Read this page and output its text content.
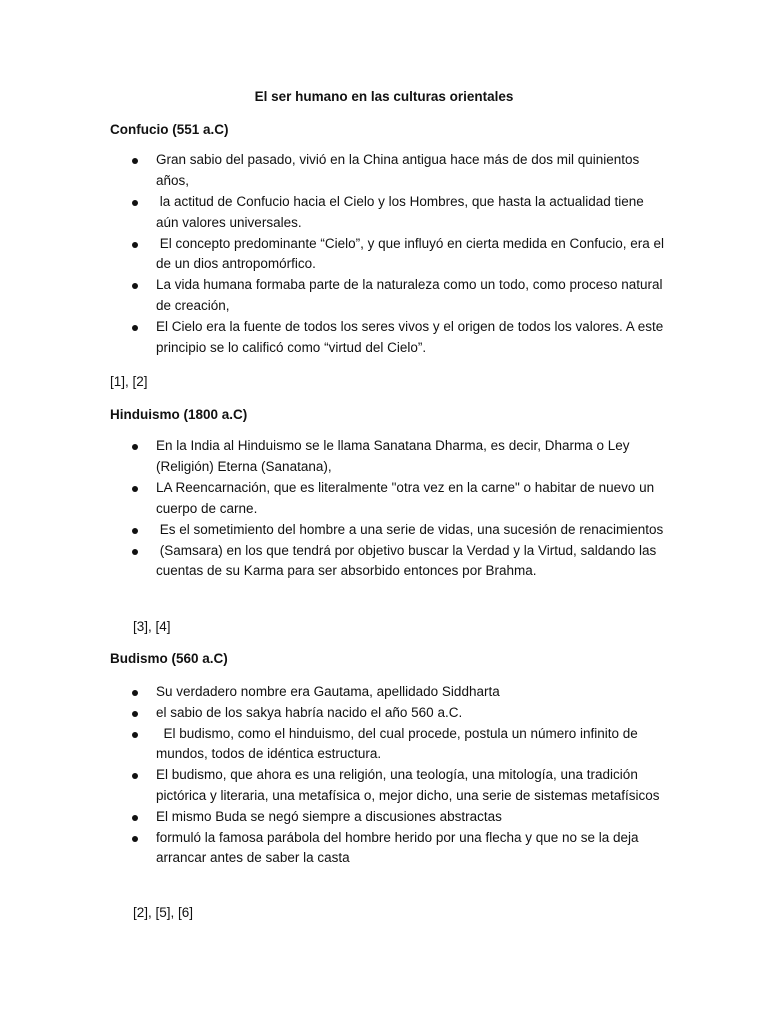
El ser humano en las culturas orientales
Confucio (551 a.C)
Gran sabio del pasado, vivió en la China antigua hace más de dos mil quinientos años,
la actitud de Confucio hacia el Cielo y los Hombres, que hasta la actualidad tiene aún valores universales.
El concepto predominante “Cielo”, y que influyó en cierta medida en Confucio, era el de un dios antropomórfico.
La vida humana formaba parte de la naturaleza como un todo, como proceso natural de creación,
El Cielo era la fuente de todos los seres vivos y el origen de todos los valores. A este principio se lo calificó como “virtud del Cielo”.
[1], [2]
Hinduismo (1800 a.C)
En la India al Hinduismo se le llama Sanatana Dharma, es decir, Dharma o Ley (Religión) Eterna (Sanatana),
LA Reencarnación, que es literalmente "otra vez en la carne" o habitar de nuevo un cuerpo de carne.
Es el sometimiento del hombre a una serie de vidas, una sucesión de renacimientos
(Samsara) en los que tendrá por objetivo buscar la Verdad y la Virtud, saldando las cuentas de su Karma para ser absorbido entonces por Brahma.
[3], [4]
Budismo (560 a.C)
Su verdadero nombre era Gautama, apellidado Siddharta
el sabio de los sakya habría nacido el año 560 a.C.
El budismo, como el hinduismo, del cual procede, postula un número infinito de mundos, todos de idéntica estructura.
El budismo, que ahora es una religión, una teología, una mitología, una tradición pictórica y literaria, una metafísica o, mejor dicho, una serie de sistemas metafísicos
El mismo Buda se negó siempre a discusiones abstractas
formuló la famosa parábola del hombre herido por una flecha y que no se la deja arrancar antes de saber la casta
[2], [5], [6]
